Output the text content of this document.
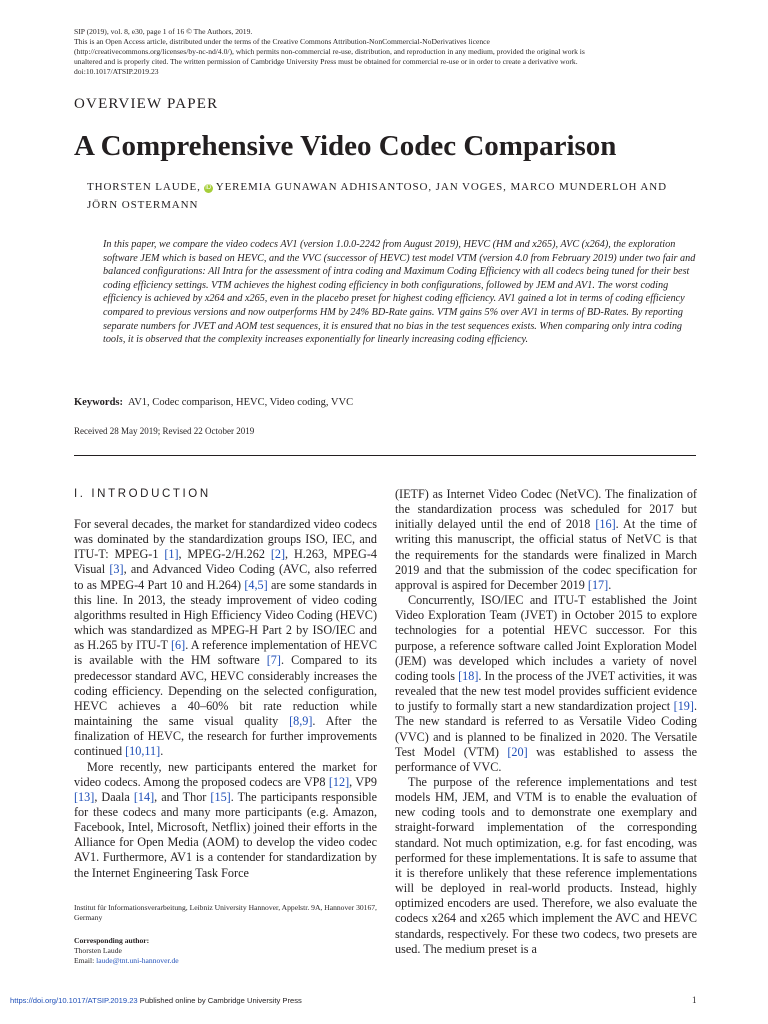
SIP (2019), vol. 8, e30, page 1 of 16 © The Authors, 2019.
This is an Open Access article, distributed under the terms of the Creative Commons Attribution-NonCommercial-NoDerivatives licence
(http://creativecommons.org/licenses/by-nc-nd/4.0/), which permits non-commercial re-use, distribution, and reproduction in any medium, provided the original work is
unaltered and is properly cited. The written permission of Cambridge University Press must be obtained for commercial re-use or in order to create a derivative work.
doi:10.1017/ATSIP.2019.23
OVERVIEW PAPER
A Comprehensive Video Codec Comparison
THORSTEN LAUDE, ID YEREMIA GUNAWAN ADHISANTOSO, JAN VOGES, MARCO MUNDERLOH AND
JÖRN OSTERMANN
In this paper, we compare the video codecs AV1 (version 1.0.0-2242 from August 2019), HEVC (HM and x265), AVC (x264), the exploration software JEM which is based on HEVC, and the VVC (successor of HEVC) test model VTM (version 4.0 from February 2019) under two fair and balanced configurations: All Intra for the assessment of intra coding and Maximum Coding Efficiency with all codecs being tuned for their best coding efficiency settings. VTM achieves the highest coding efficiency in both configurations, followed by JEM and AV1. The worst coding efficiency is achieved by x264 and x265, even in the placebo preset for highest coding efficiency. AV1 gained a lot in terms of coding efficiency compared to previous versions and now outperforms HM by 24% BD-Rate gains. VTM gains 5% over AV1 in terms of BD-Rates. By reporting separate numbers for JVET and AOM test sequences, it is ensured that no bias in the test sequences exists. When comparing only intra coding tools, it is observed that the complexity increases exponentially for linearly increasing coding efficiency.
Keywords: AV1, Codec comparison, HEVC, Video coding, VVC
Received 28 May 2019; Revised 22 October 2019
I. INTRODUCTION

For several decades, the market for standardized video codecs was dominated by the standardization groups ISO, IEC, and ITU-T: MPEG-1 [1], MPEG-2/H.262 [2], H.263, MPEG-4 Visual [3], and Advanced Video Coding (AVC, also referred to as MPEG-4 Part 10 and H.264) [4,5] are some standards in this line. In 2013, the steady improvement of video coding algorithms resulted in High Efficiency Video Coding (HEVC) which was standardized as MPEG-H Part 2 by ISO/IEC and as H.265 by ITU-T [6]. A reference implementation of HEVC is available with the HM software [7]. Compared to its predecessor standard AVC, HEVC considerably increases the coding efficiency. Depending on the selected configuration, HEVC achieves a 40–60% bit rate reduction while maintaining the same visual quality [8,9]. After the finalization of HEVC, the research for further improvements continued [10,11].

More recently, new participants entered the market for video codecs. Among the proposed codecs are VP8 [12], VP9 [13], Daala [14], and Thor [15]. The participants responsible for these codecs and many more participants (e.g. Amazon, Facebook, Intel, Microsoft, Netflix) joined their efforts in the Alliance for Open Media (AOM) to develop the video codec AV1. Furthermore, AV1 is a contender for standardization by the Internet Engineering Task Force

(IETF) as Internet Video Codec (NetVC). The finalization of the standardization process was scheduled for 2017 but initially delayed until the end of 2018 [16]. At the time of writing this manuscript, the official status of NetVC is that the requirements for the standards were finalized in March 2019 and that the submission of the codec specification for approval is aspired for December 2019 [17].

Concurrently, ISO/IEC and ITU-T established the Joint Video Exploration Team (JVET) in October 2015 to explore technologies for a potential HEVC successor. For this purpose, a reference software called Joint Exploration Model (JEM) was developed which includes a variety of novel coding tools [18]. In the process of the JVET activities, it was revealed that the new test model provides sufficient evidence to justify to formally start a new standardization project [19]. The new standard is referred to as Versatile Video Coding (VVC) and is planned to be finalized in 2020. The Versatile Test Model (VTM) [20] was established to assess the performance of VVC.

The purpose of the reference implementations and test models HM, JEM, and VTM is to enable the evaluation of new coding tools and to demonstrate one exemplary and straight-forward implementation of the corresponding standard. Not much optimization, e.g. for fast encoding, was performed for these implementations. It is safe to assume that it is therefore unlikely that these reference implementations will be deployed in real-world products. Instead, highly optimized encoders are used. Therefore, we also evaluate the codecs x264 and x265 which implement the AVC and HEVC standards, respectively. For these two codecs, two presets are used. The medium preset is a

Institut für Informationsverarbeitung, Leibniz University Hannover, Appelstr. 9A, Hannover 30167, Germany
Corresponding author:
Thorsten Laude
Email: laude@tnt.uni-hannover.de
https://doi.org/10.1017/ATSIP.2019.23 Published online by Cambridge University Press	1
